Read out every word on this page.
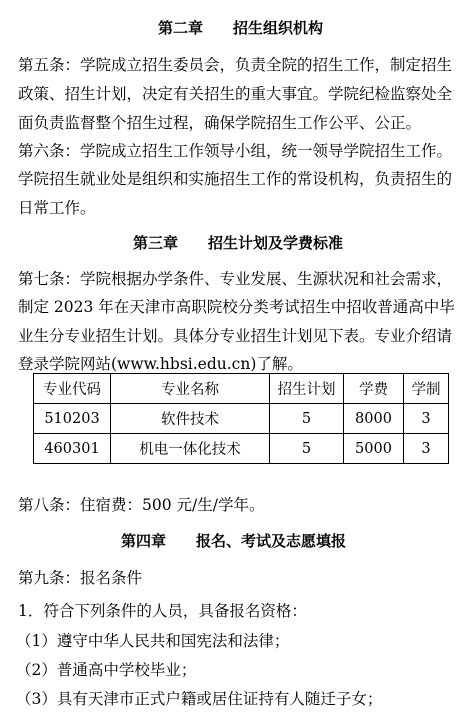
第二章 招生组织机构
第五条：学院成立招生委员会，负责全院的招生工作，制定招生
政策、招生计划，决定有关招生的重大事宜。学院纪检监察处全
面负责监督整个招生过程，确保学院招生工作公平、公正。
第六条：学院成立招生工作领导小组，统一领导学院招生工作。
学院招生就业处是组织和实施招生工作的常设机构，负责招生的
日常工作。
第三章 招生计划及学费标准
第七条：学院根据办学条件、专业发展、生源状况和社会需求，
制定 2023 年在天津市高职院校分类考试招生中招收普通高中毕
业生分专业招生计划。具体分专业招生计划见下表。专业介绍请
登录学院网站(www.hbsi.edu.cn)了解。
专业代码	专业名称	招生计划	学费	学制
510203	软件技术	5	8000	3
460301	机电一体化技术	5	5000	3
第八条：住宿费：500 元/生/学年。
第四章 报名、考试及志愿填报
第九条：报名条件
1．符合下列条件的人员，具备报名资格：
（1）遵守中华人民共和国宪法和法律；
（2）普通高中学校毕业；
（3）具有天津市正式户籍或居住证持有人随迁子女；
